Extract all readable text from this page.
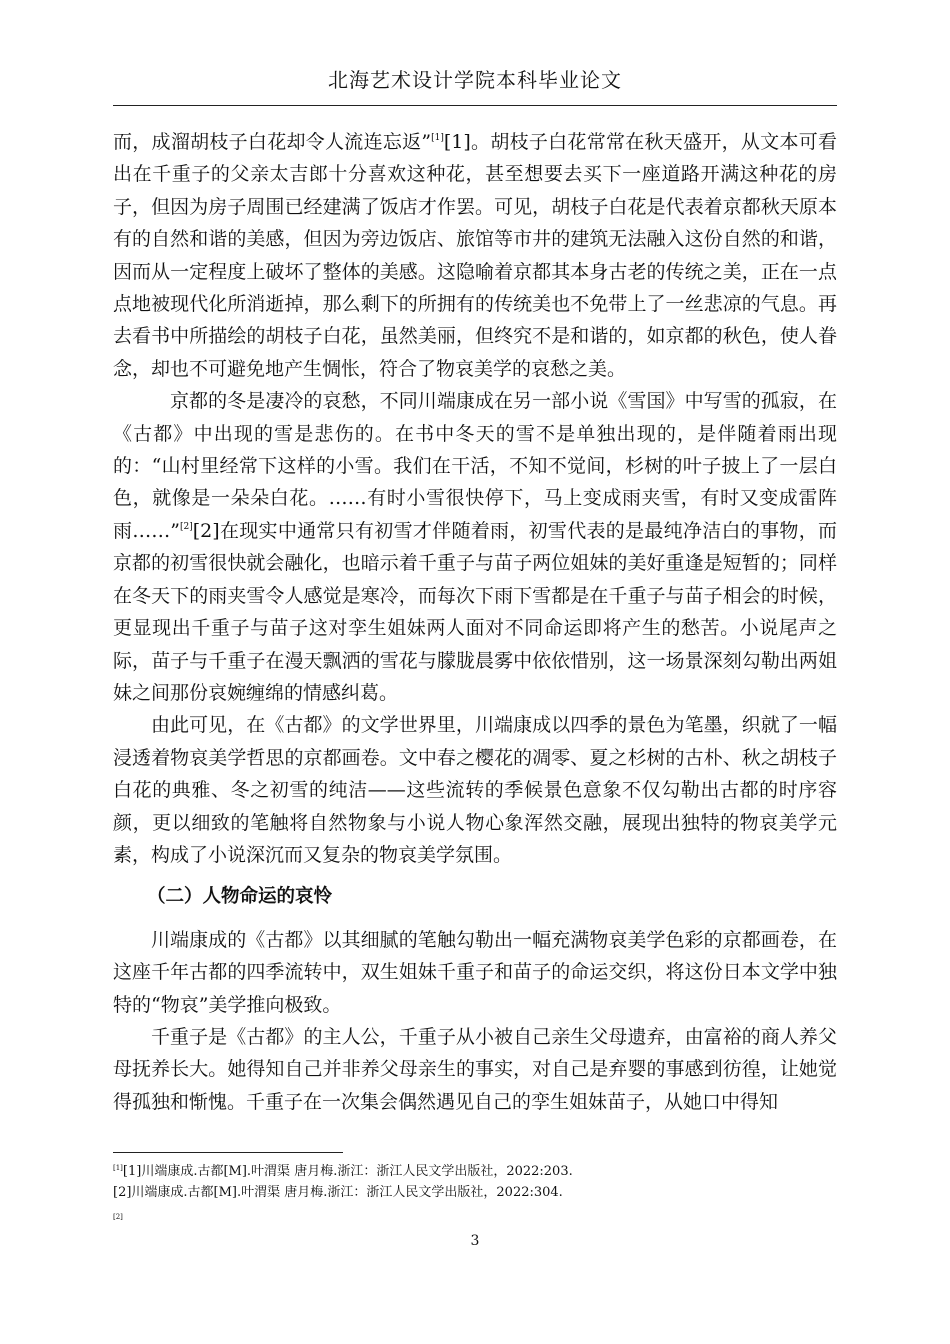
北海艺术设计学院本科毕业论文

而，成溜胡枝子白花却令人流连忘返”[1][1]。胡枝子白花常常在秋天盛开，从文本可看出在千重子的父亲太吉郎十分喜欢这种花，甚至想要去买下一座道路开满这种花的房子，但因为房子周围已经建满了饭店才作罢。可见，胡枝子白花是代表着京都秋天原本有的自然和谐的美感，但因为旁边饭店、旅馆等市井的建筑无法融入这份自然的和谐，因而从一定程度上破坏了整体的美感。这隐喻着京都其本身古老的传统之美，正在一点点地被现代化所消逝掉，那么剩下的所拥有的传统美也不免带上了一丝悲凉的气息。再去看书中所描绘的胡枝子白花，虽然美丽，但终究不是和谐的，如京都的秋色，使人眷念，却也不可避免地产生惆怅，符合了物哀美学的哀愁之美。

京都的冬是凄冷的哀愁，不同川端康成在另一部小说《雪国》中写雪的孤寂，在《古都》中出现的雪是悲伤的。在书中冬天的雪不是单独出现的，是伴随着雨出现的：“山村里经常下这样的小雪。我们在干活，不知不觉间，杉树的叶子披上了一层白色，就像是一朵朵白花。……有时小雪很快停下，马上变成雨夹雪，有时又变成雷阵雨……”[2][2]在现实中通常只有初雪才伴随着雨，初雪代表的是最纯净洁白的事物，而京都的初雪很快就会融化，也暗示着千重子与苗子两位姐妹的美好重逢是短暂的；同样在冬天下的雨夹雪令人感觉是寒冷，而每次下雨下雪都是在千重子与苗子相会的时候，更显现出千重子与苗子这对孪生姐妹两人面对不同命运即将产生的愁苦。小说尾声之际，苗子与千重子在漫天飘洒的雪花与朦胧晨雾中依依惜别，这一场景深刻勾勒出两姐妹之间那份哀婉缠绵的情感纠葛。

由此可见，在《古都》的文学世界里，川端康成以四季的景色为笔墨，织就了一幅浸透着物哀美学哲思的京都画卷。文中春之樱花的凋零、夏之杉树的古朴、秋之胡枝子白花的典雅、冬之初雪的纯洁——这些流转的季候景色意象不仅勾勒出古都的时序容颜，更以细致的笔触将自然物象与小说人物心象浑然交融，展现出独特的物哀美学元素，构成了小说深沉而又复杂的物哀美学氛围。

（二）人物命运的哀怜

川端康成的《古都》以其细腻的笔触勾勒出一幅充满物哀美学色彩的京都画卷，在这座千年古都的四季流转中，双生姐妹千重子和苗子的命运交织，将这份日本文学中独特的“物哀”美学推向极致。

千重子是《古都》的主人公，千重子从小被自己亲生父母遗弃，由富裕的商人养父母抚养长大。她得知自己并非养父母亲生的事实，对自己是弃婴的事感到彷徨，让她觉得孤独和惭愧。千重子在一次集会偶然遇见自己的孪生姐妹苗子，从她口中得知

[1][1]川端康成.古都[M].叶渭渠 唐月梅.浙江：浙江人民文学出版社，2022:203.

[2]川端康成.古都[M].叶渭渠 唐月梅.浙江：浙江人民文学出版社，2022:304.

[2]
3
